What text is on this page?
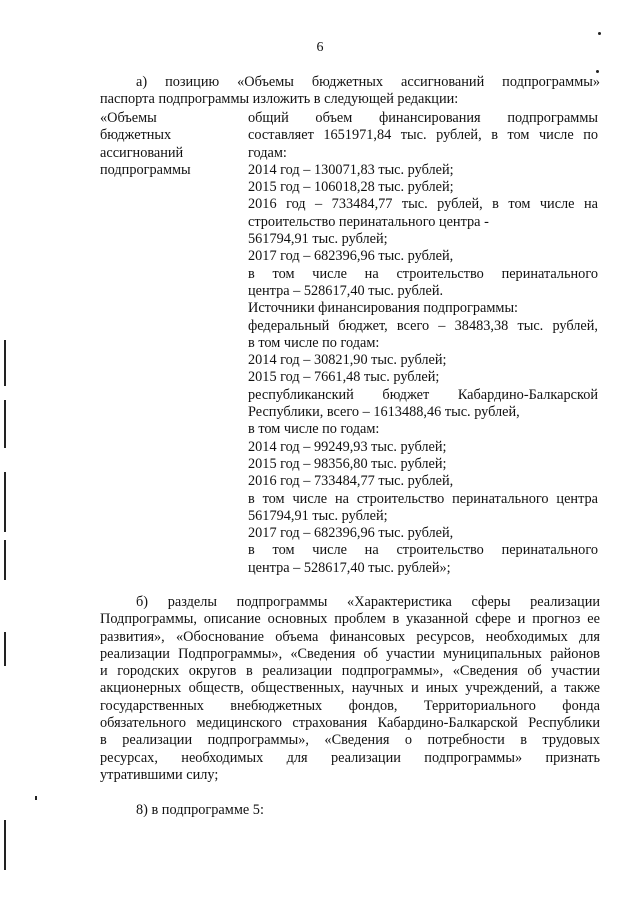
6
а) позицию «Объемы бюджетных ассигнований подпрограммы»
паспорта подпрограммы изложить в следующей редакции:
«Объемы
бюджетных
ассигнований
подпрограммы
общий объем финансирования подпрограммы
составляет 1651971,84 тыс. рублей, в том числе по
годам:
2014 год – 130071,83 тыс. рублей;
2015 год – 106018,28 тыс. рублей;
2016 год – 733484,77 тыс. рублей, в том числе на
строительство перинатального центра -
561794,91 тыс. рублей;
2017 год – 682396,96 тыс. рублей,
в том числе на строительство перинатального
центра – 528617,40 тыс. рублей.
Источники финансирования подпрограммы:
федеральный бюджет, всего – 38483,38 тыс. рублей,
в том числе по годам:
2014 год – 30821,90 тыс. рублей;
2015 год – 7661,48 тыс. рублей;
республиканский бюджет Кабардино-Балкарской
Республики, всего – 1613488,46 тыс. рублей,
в том числе по годам:
2014 год – 99249,93 тыс. рублей;
2015 год – 98356,80 тыс. рублей;
2016 год – 733484,77 тыс. рублей,
в том числе на строительство перинатального центра
561794,91 тыс. рублей;
2017 год – 682396,96 тыс. рублей,
в том числе на строительство перинатального
центра – 528617,40 тыс. рублей»;
б) разделы подпрограммы «Характеристика сферы реализации
Подпрограммы, описание основных проблем в указанной сфере и прогноз ее
развития», «Обоснование объема финансовых ресурсов, необходимых для
реализации Подпрограммы», «Сведения об участии муниципальных районов
и городских округов в реализации подпрограммы», «Сведения об участии
акционерных обществ, общественных, научных и иных учреждений, а также
государственных внебюджетных фондов, Территориального фонда
обязательного медицинского страхования Кабардино-Балкарской Республики
в реализации подпрограммы», «Сведения о потребности в трудовых
ресурсах, необходимых для реализации подпрограммы» признать
утратившими силу;
8) в подпрограмме 5:
